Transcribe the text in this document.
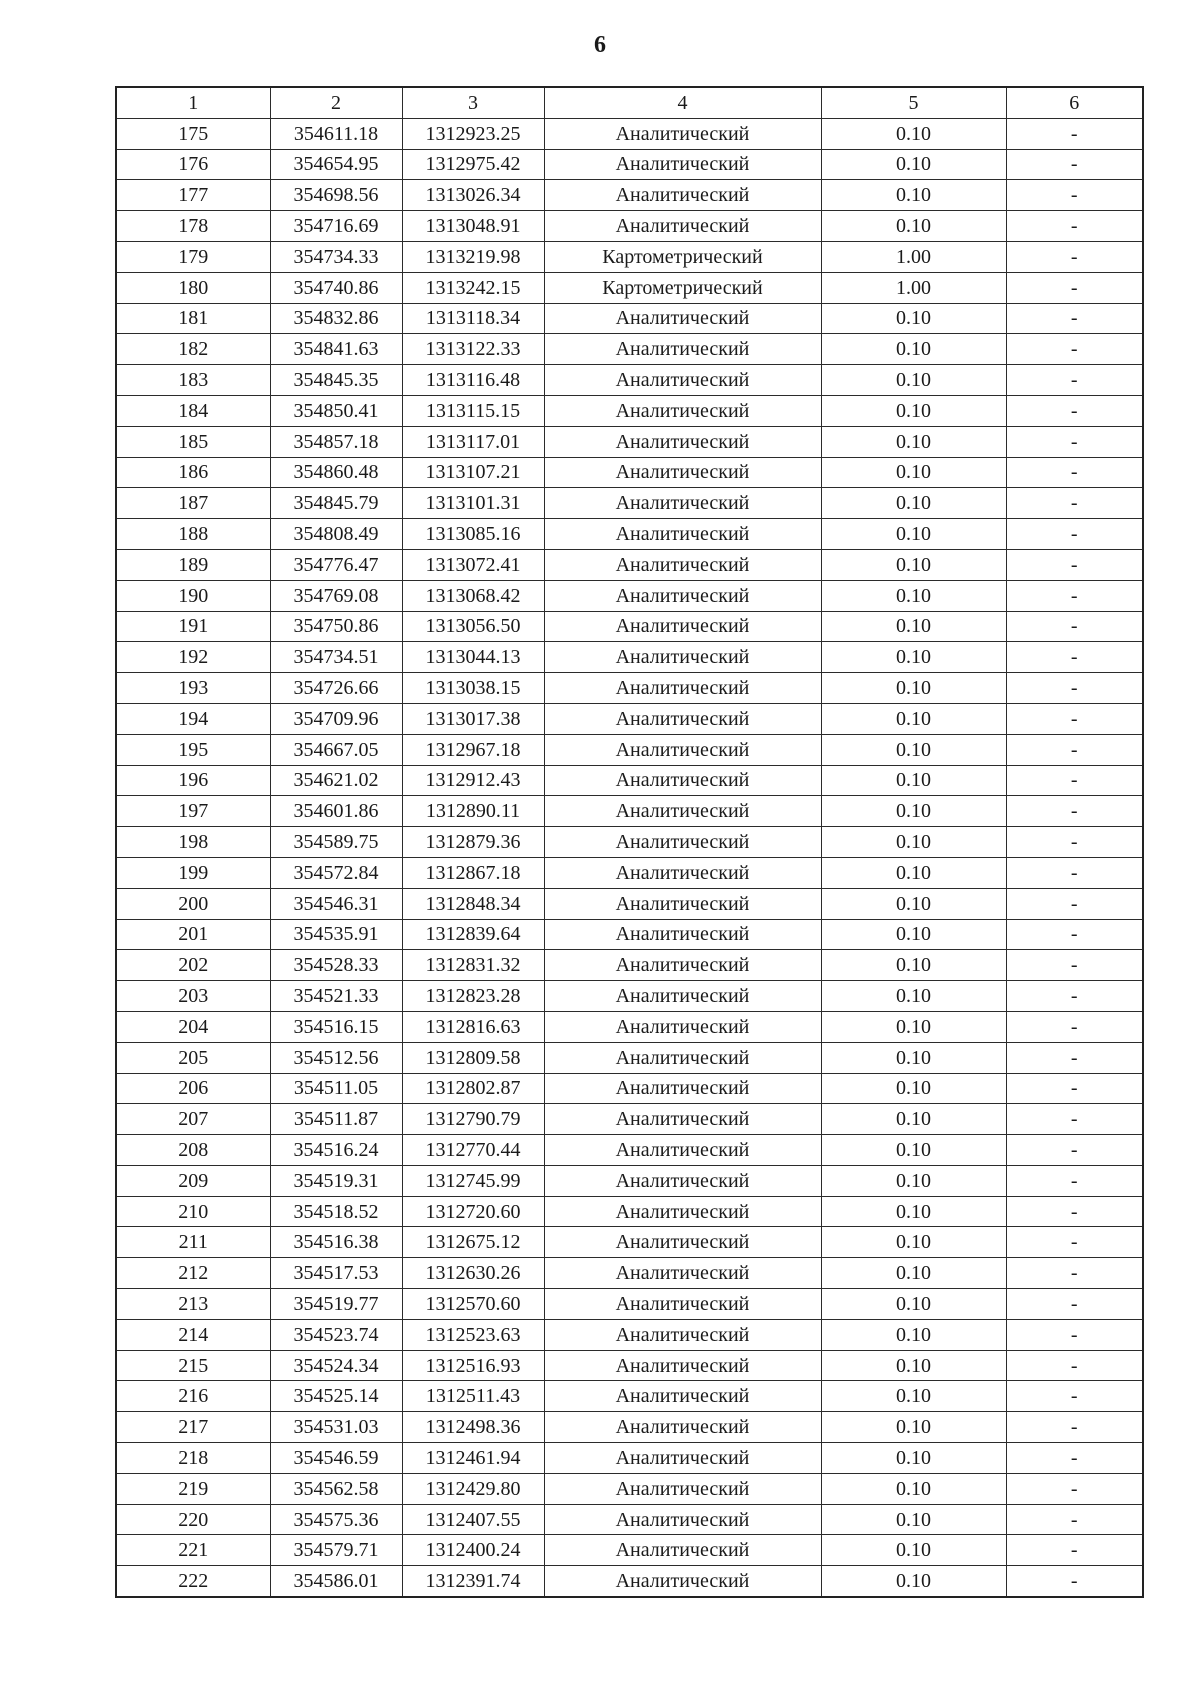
6
1	2	3	4	5	6
175	354611.18	1312923.25	Аналитический	0.10	-
176	354654.95	1312975.42	Аналитический	0.10	-
177	354698.56	1313026.34	Аналитический	0.10	-
178	354716.69	1313048.91	Аналитический	0.10	-
179	354734.33	1313219.98	Картометрический	1.00	-
180	354740.86	1313242.15	Картометрический	1.00	-
181	354832.86	1313118.34	Аналитический	0.10	-
182	354841.63	1313122.33	Аналитический	0.10	-
183	354845.35	1313116.48	Аналитический	0.10	-
184	354850.41	1313115.15	Аналитический	0.10	-
185	354857.18	1313117.01	Аналитический	0.10	-
186	354860.48	1313107.21	Аналитический	0.10	-
187	354845.79	1313101.31	Аналитический	0.10	-
188	354808.49	1313085.16	Аналитический	0.10	-
189	354776.47	1313072.41	Аналитический	0.10	-
190	354769.08	1313068.42	Аналитический	0.10	-
191	354750.86	1313056.50	Аналитический	0.10	-
192	354734.51	1313044.13	Аналитический	0.10	-
193	354726.66	1313038.15	Аналитический	0.10	-
194	354709.96	1313017.38	Аналитический	0.10	-
195	354667.05	1312967.18	Аналитический	0.10	-
196	354621.02	1312912.43	Аналитический	0.10	-
197	354601.86	1312890.11	Аналитический	0.10	-
198	354589.75	1312879.36	Аналитический	0.10	-
199	354572.84	1312867.18	Аналитический	0.10	-
200	354546.31	1312848.34	Аналитический	0.10	-
201	354535.91	1312839.64	Аналитический	0.10	-
202	354528.33	1312831.32	Аналитический	0.10	-
203	354521.33	1312823.28	Аналитический	0.10	-
204	354516.15	1312816.63	Аналитический	0.10	-
205	354512.56	1312809.58	Аналитический	0.10	-
206	354511.05	1312802.87	Аналитический	0.10	-
207	354511.87	1312790.79	Аналитический	0.10	-
208	354516.24	1312770.44	Аналитический	0.10	-
209	354519.31	1312745.99	Аналитический	0.10	-
210	354518.52	1312720.60	Аналитический	0.10	-
211	354516.38	1312675.12	Аналитический	0.10	-
212	354517.53	1312630.26	Аналитический	0.10	-
213	354519.77	1312570.60	Аналитический	0.10	-
214	354523.74	1312523.63	Аналитический	0.10	-
215	354524.34	1312516.93	Аналитический	0.10	-
216	354525.14	1312511.43	Аналитический	0.10	-
217	354531.03	1312498.36	Аналитический	0.10	-
218	354546.59	1312461.94	Аналитический	0.10	-
219	354562.58	1312429.80	Аналитический	0.10	-
220	354575.36	1312407.55	Аналитический	0.10	-
221	354579.71	1312400.24	Аналитический	0.10	-
222	354586.01	1312391.74	Аналитический	0.10	-
